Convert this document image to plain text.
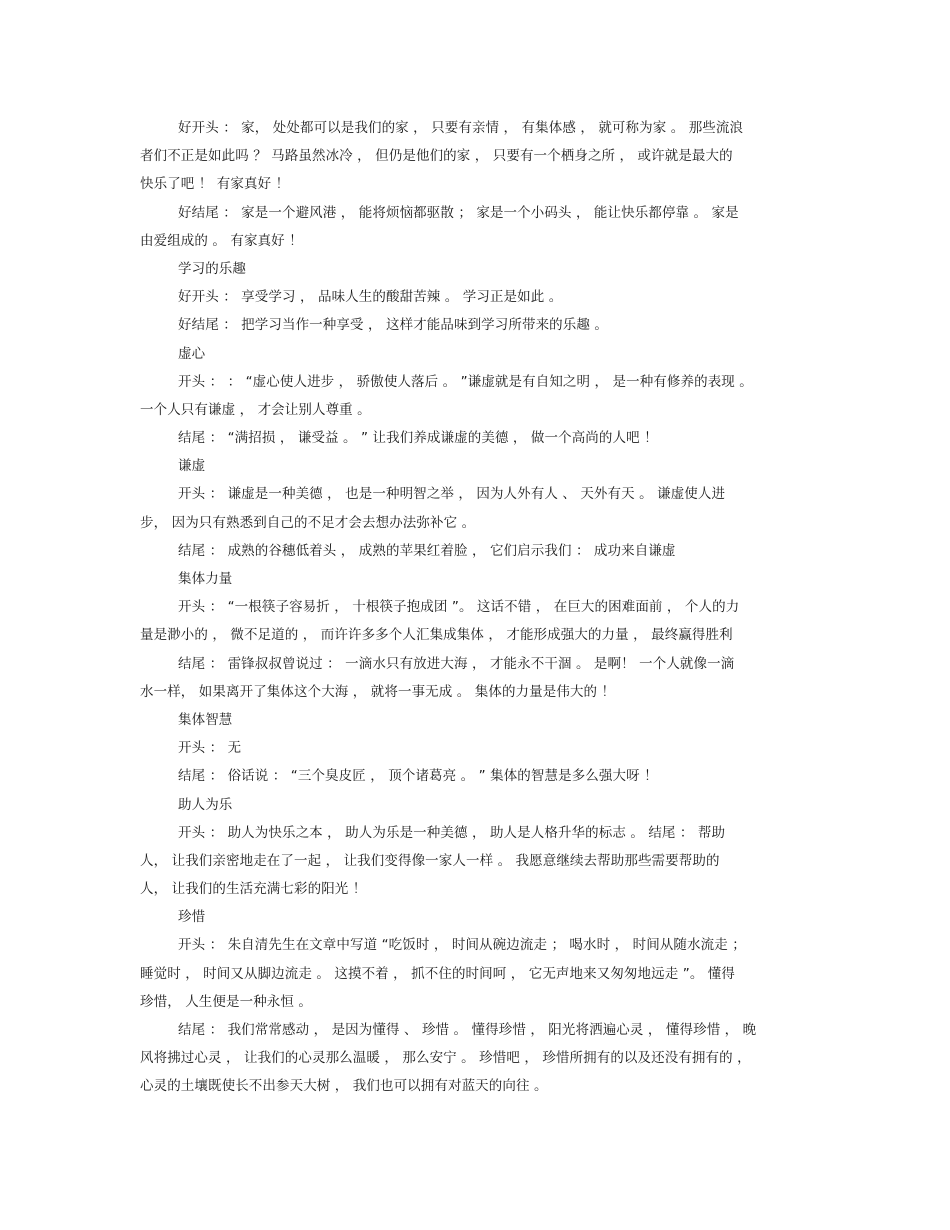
好开头 ： 家， 处处都可以是我们的家 ， 只要有亲情 ， 有集体感 ， 就可称为家 。 那些流浪
者们不正是如此吗 ？ 马路虽然冰冷 ， 但仍是他们的家 ， 只要有一个栖身之所 ， 或许就是最大的
快乐了吧 ！ 有家真好 ！
好结尾 ： 家是一个避风港 ， 能将烦恼都驱散 ； 家是一个小码头 ， 能让快乐都停靠 。 家是
由爱组成的 。 有家真好 ！
学习的乐趣
好开头 ： 享受学习 ， 品味人生的酸甜苦辣 。 学习正是如此 。
好结尾 ： 把学习当作一种享受 ， 这样才能品味到学习所带来的乐趣 。
虚心
开头 ： ： “虚心使人进步 ， 骄傲使人落后 。 ”谦虚就是有自知之明 ， 是一种有修养的表现 。
一个人只有谦虚 ， 才会让别人尊重 。
结尾 ： “满招损 ， 谦受益 。 ” 让我们养成谦虚的美德 ， 做一个高尚的人吧 ！
谦虚
开头 ： 谦虚是一种美德 ， 也是一种明智之举 ， 因为人外有人 、 天外有天 。 谦虚使人进
步， 因为只有熟悉到自己的不足才会去想办法弥补它 。
结尾 ： 成熟的谷穗低着头 ， 成熟的苹果红着脸 ， 它们启示我们 ： 成功来自谦虚
集体力量
开头 ： “一根筷子容易折 ， 十根筷子抱成团 ”。 这话不错 ， 在巨大的困难面前 ， 个人的力
量是渺小的 ， 微不足道的 ， 而许许多多个人汇集成集体 ， 才能形成强大的力量 ， 最终赢得胜利
结尾 ： 雷锋叔叔曾说过 ： 一滴水只有放进大海 ， 才能永不干涸 。 是啊！ 一个人就像一滴
水一样， 如果离开了集体这个大海 ， 就将一事无成 。 集体的力量是伟大的 ！
集体智慧
开头 ： 无
结尾 ： 俗话说 ： “三个臭皮匠 ， 顶个诸葛亮 。 ” 集体的智慧是多么强大呀 ！
助人为乐
开头 ： 助人为快乐之本 ， 助人为乐是一种美德 ， 助人是人格升华的标志 。 结尾 ： 帮助
人， 让我们亲密地走在了一起 ， 让我们变得像一家人一样 。 我愿意继续去帮助那些需要帮助的
人， 让我们的生活充满七彩的阳光 ！
珍惜
开头 ： 朱自清先生在文章中写道 “吃饭时 ， 时间从碗边流走 ； 喝水时 ， 时间从随水流走 ；
睡觉时 ， 时间又从脚边流走 。 这摸不着 ， 抓不住的时间呵 ， 它无声地来又匆匆地远走 ”。 懂得
珍惜， 人生便是一种永恒 。
结尾 ： 我们常常感动 ， 是因为懂得 、 珍惜 。 懂得珍惜 ， 阳光将洒遍心灵 ， 懂得珍惜 ， 晚
风将拂过心灵 ， 让我们的心灵那么温暖 ， 那么安宁 。 珍惜吧 ， 珍惜所拥有的以及还没有拥有的 ，
心灵的土壤既使长不出参天大树 ， 我们也可以拥有对蓝天的向往 。
